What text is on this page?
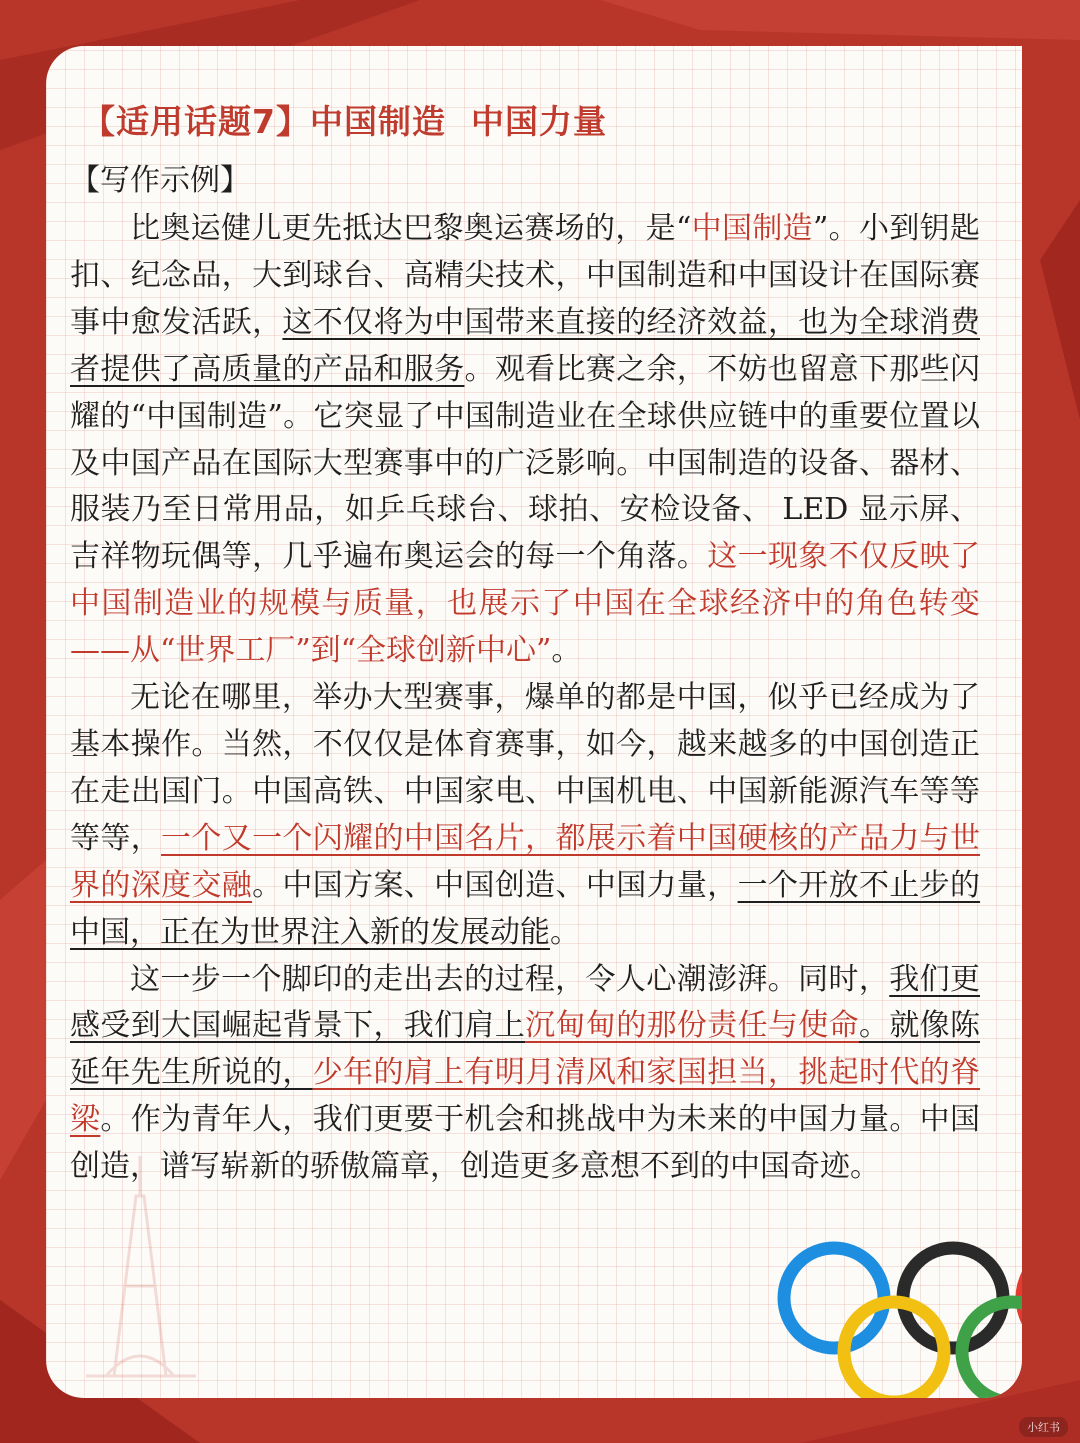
【适用话题7】中国制造  中国力量
【写作示例】

比奥运健儿更先抵达巴黎奥运赛场的，是“中国制造”。小到钥匙扣、纪念品，大到球台、高精尖技术，中国制造和中国设计在国际赛事中愈发活跃，这不仅将为中国带来直接的经济效益，也为全球消费者提供了高质量的产品和服务。观看比赛之余，不妨也留意下那些闪耀的“中国制造”。它突显了中国制造业在全球供应链中的重要位置以及中国产品在国际大型赛事中的广泛影响。中国制造的设备、器材、服装乃至日常用品，如乒乓球台、球拍、安检设备、 LED 显示屏、吉祥物玩偶等，几乎遍布奥运会的每一个角落。这一现象不仅反映了中国制造业的规模与质量，也展示了中国在全球经济中的角色转变——从“世界工厂”到“全球创新中心”。

无论在哪里，举办大型赛事，爆单的都是中国，似乎已经成为了基本操作。当然，不仅仅是体育赛事，如今，越来越多的中国创造正在走出国门。中国高铁、中国家电、中国机电、中国新能源汽车等等等等，一个又一个闪耀的中国名片，都展示着中国硬核的产品力与世界的深度交融。中国方案、中国创造、中国力量，一个开放不止步的中国，正在为世界注入新的发展动能。

这一步一个脚印的走出去的过程，令人心潮澎湃。同时，我们更感受到大国崛起背景下，我们肩上沉甸甸的那份责任与使命。就像陈延年先生所说的，少年的肩上有明月清风和家国担当，挑起时代的脊梁。作为青年人，我们更要于机会和挑战中为未来的中国力量。中国创造，谱写崭新的骄傲篇章，创造更多意想不到的中国奇迹。

小红书
